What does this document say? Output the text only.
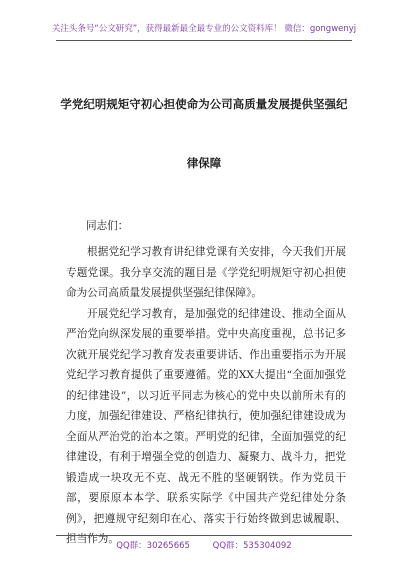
关注头条号“公文研究”，获得最新最全最专业的公文资料库！ 微信：gongwenyj
学党纪明规矩守初心担使命为公司高质量发展提供坚强纪
律保障
同志们：

根据党纪学习教育讲纪律党课有关安排，今天我们开展专题党课。我分享交流的题目是《学党纪明规矩守初心担使命为公司高质量发展提供坚强纪律保障》。

开展党纪学习教育，是加强党的纪律建设、推动全面从严治党向纵深发展的重要举措。党中央高度重视，总书记多次就开展党纪学习教育发表重要讲话、作出重要指示为开展党纪学习教育提供了重要遵循。党的XX大提出“全面加强党的纪律建设”，以习近平同志为核心的党中央以前所未有的力度，加强纪律建设、严格纪律执行，使加强纪律建设成为全面从严治党的治本之策。严明党的纪律，全面加强党的纪律建设，有利于增强全党的创造力、凝聚力、战斗力，把党锻造成一块攻无不克、战无不胜的坚硬钢铁。作为党员干部，要原原本本学、联系实际学《中国共产党纪律处分条例》，把遵规守纪刻印在心、落实于行始终做到忠诚履职、担当作为。

QQ群：30265665	QQ群：535304092
